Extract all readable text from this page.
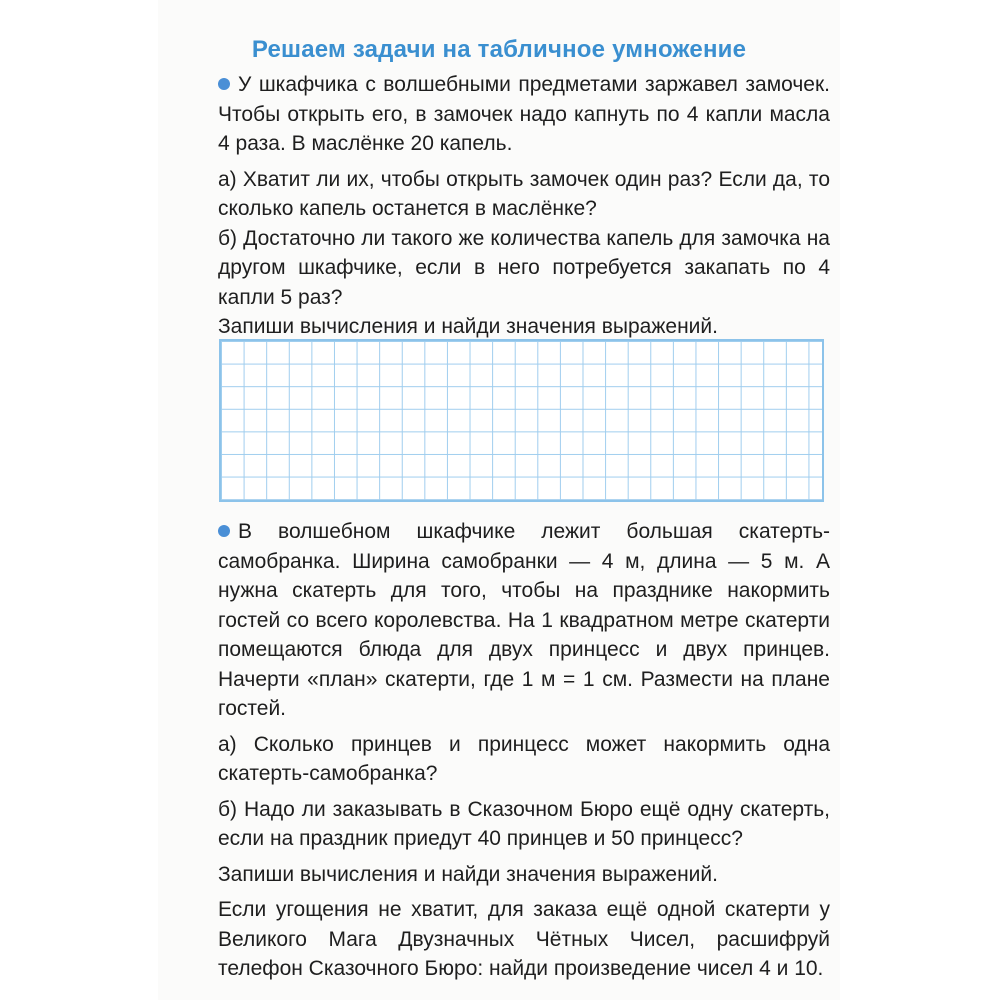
Решаем задачи на табличное умножение

У шкафчика с волшебными предметами заржавел замочек. Чтобы открыть его, в замочек надо капнуть по 4 капли масла 4 раза. В маслёнке 20 капель.

а) Хватит ли их, чтобы открыть замочек один раз? Если да, то сколько капель останется в маслёнке?

б) Достаточно ли такого же количества капель для замочка на другом шкафчике, если в него потребуется закапать по 4 капли 5 раз?

Запиши вычисления и найди значения выражений.

В волшебном шкафчике лежит большая скатерть-самобранка. Ширина самобранки — 4 м, длина — 5 м. А нужна скатерть для того, чтобы на празднике накормить гостей со всего королевства. На 1 квадратном метре скатерти помещаются блюда для двух принцесс и двух принцев. Начерти «план» скатерти, где 1 м = 1 см. Размести на плане гостей.

а) Сколько принцев и принцесс может накормить одна скатерть-самобранка?

б) Надо ли заказывать в Сказочном Бюро ещё одну скатерть, если на праздник приедут 40 принцев и 50 принцесс?

Запиши вычисления и найди значения выражений.

Если угощения не хватит, для заказа ещё одной скатерти у Великого Мага Двузначных Чётных Чисел, расшифруй телефон Сказочного Бюро: найди произведение чисел 4 и 10.
